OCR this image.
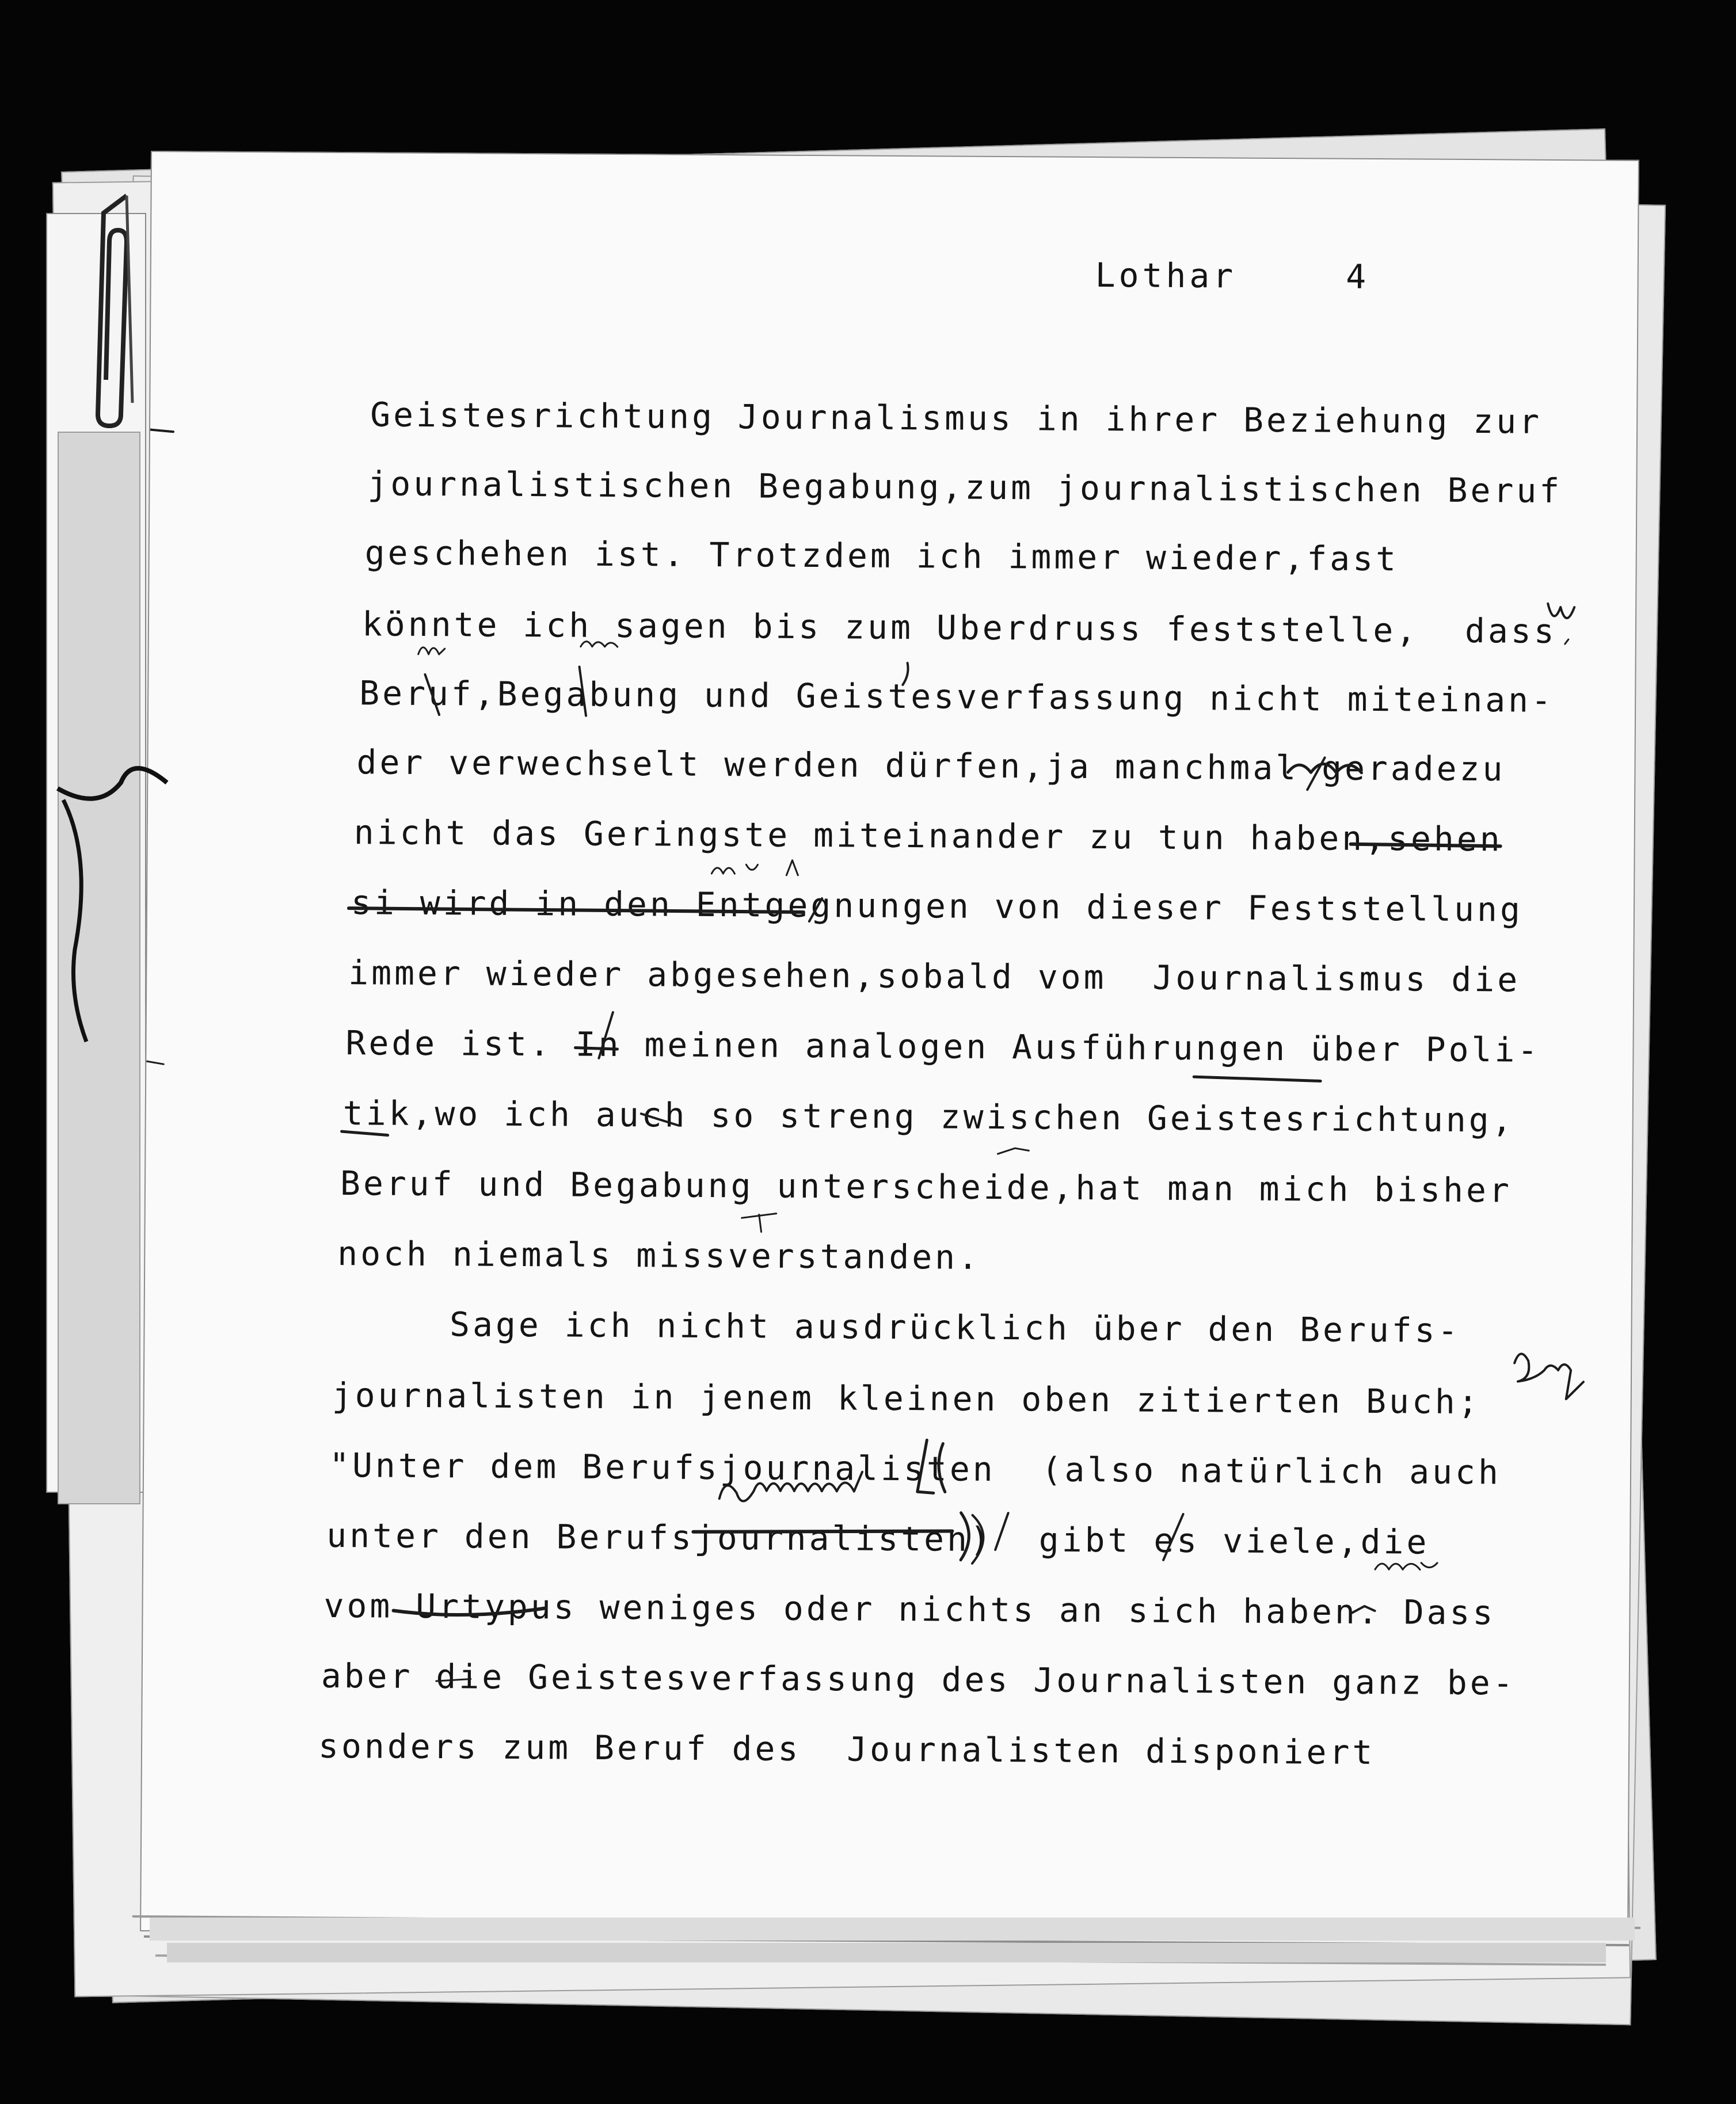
Lothar	4
Geistesrichtung Journalismus in ihrer Beziehung zur
journalistischen Begabung,zum journalistischen Beruf
geschehen ist. Trotzdem ich immer wieder,fast
könnte ich sagen bis zum Uberdruss feststelle,  dass
Beruf,Begabung und Geistesverfassung nicht miteinan-
der verwechselt werden dürfen,ja manchmal geradezu
nicht das Geringste miteinander zu tun haben,sehen
si wird in den Entgegnungen von dieser Feststellung
immer wieder abgesehen,sobald vom  Journalismus die
Rede ist. In meinen analogen Ausführungen über Poli-
tik,wo ich auch so streng zwischen Geistesrichtung,
Beruf und Begabung unterscheide,hat man mich bisher
noch niemals missverstanden.
Sage ich nicht ausdrücklich über den Berufs-
journalisten in jenem kleinen oben zitierten Buch;
"Unter dem Berufsjournalisten  (also natürlich auch
unter den Berufsjournalisten)  gibt es viele,die
vom Urtypus weniges oder nichts an sich haben. Dass
aber die Geistesverfassung des Journalisten ganz be-
sonders zum Beruf des  Journalisten disponiert
